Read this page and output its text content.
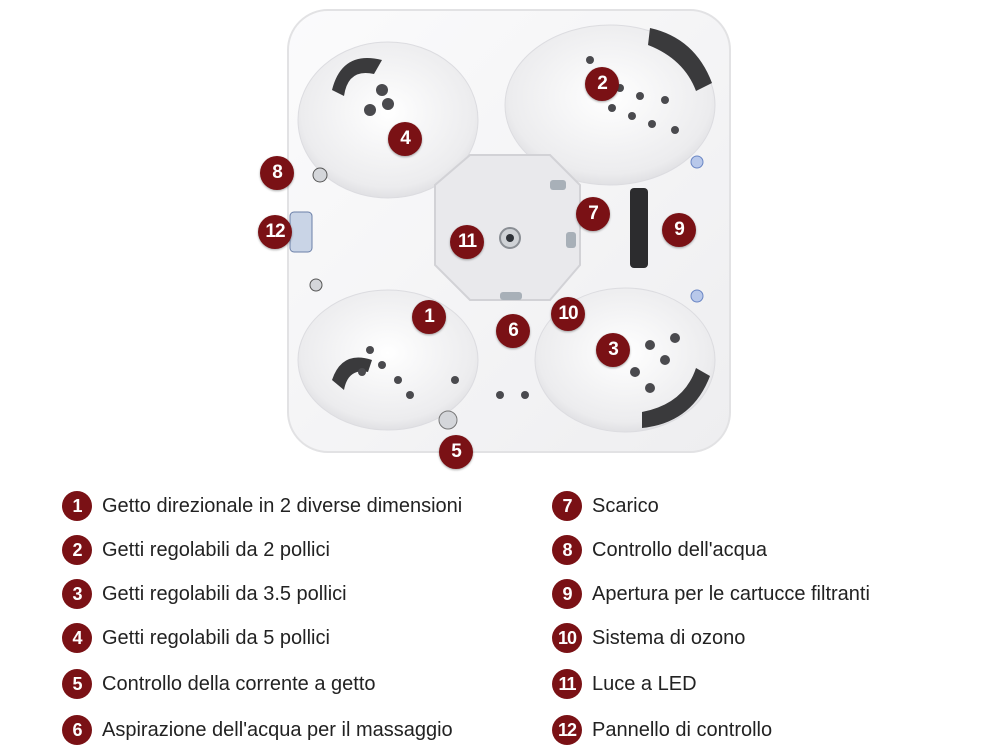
1
2
3
4
5
6
7
8
9
10
11
12
1	Getto direzionale in 2 diverse dimensioni
2	Getti regolabili da 2 pollici
3	Getti regolabili da 3.5 pollici
4	Getti regolabili da 5 pollici
5	Controllo della corrente a getto
6	Aspirazione dell'acqua per il massaggio
7	Scarico
8	Controllo dell'acqua
9	Apertura per le cartucce filtranti
10 Sistema di ozono
11 Luce a LED
12 Pannello di controllo
